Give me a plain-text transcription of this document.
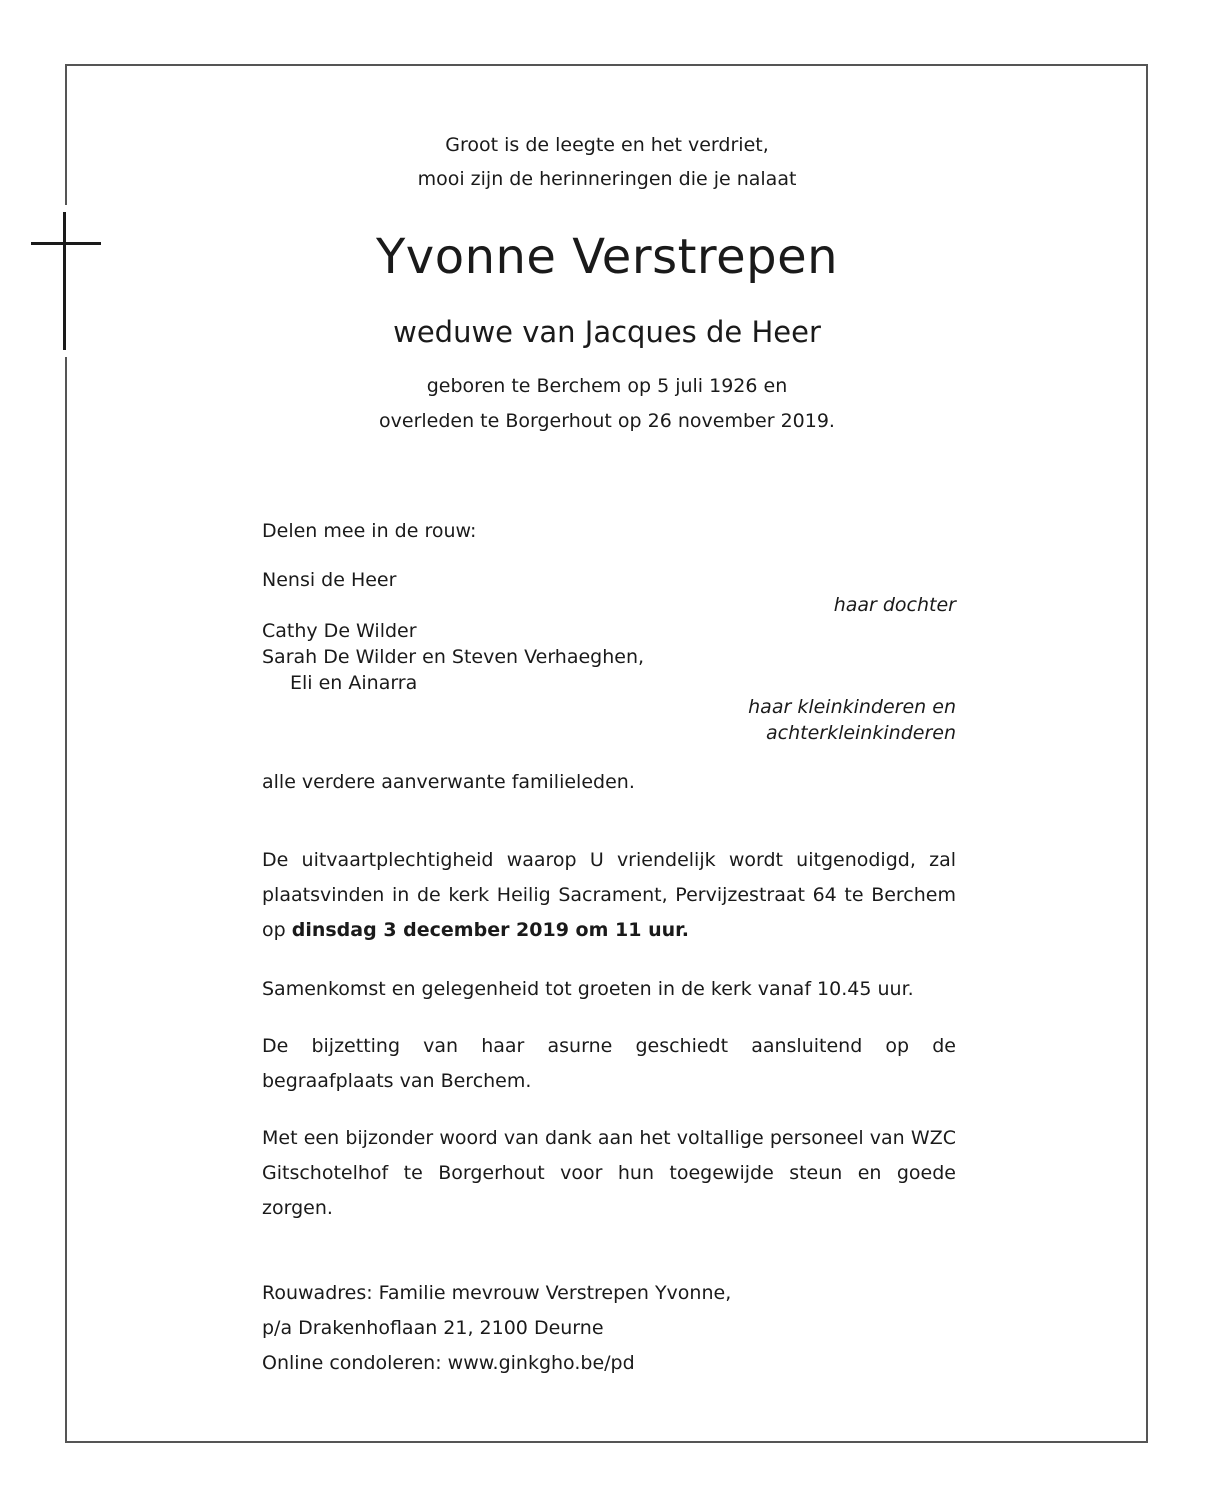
Groot is de leegte en het verdriet,
mooi zijn de herinneringen die je nalaat
Yvonne Verstrepen
weduwe van Jacques de Heer
geboren te Berchem op 5 juli 1926 en
overleden te Borgerhout op 26 november 2019.
Delen mee in de rouw:
Nensi de Heer
haar dochter
Cathy De Wilder
Sarah De Wilder en Steven Verhaeghen,
Eli en Ainarra
haar kleinkinderen en
achterkleinkinderen
alle verdere aanverwante familieleden.
De uitvaartplechtigheid waarop U vriendelijk wordt uitgenodigd, zal plaatsvinden in de kerk Heilig Sacrament, Pervijzestraat 64 te Berchem op dinsdag 3 december 2019 om 11 uur.
Samenkomst en gelegenheid tot groeten in de kerk vanaf 10.45 uur.
De bijzetting van haar asurne geschiedt aansluitend op de begraafplaats van Berchem.
Met een bijzonder woord van dank aan het voltallige personeel van WZC Gitschotelhof te Borgerhout voor hun toegewijde steun en goede zorgen.
Rouwadres: Familie mevrouw Verstrepen Yvonne,
p/a Drakenhoflaan 21, 2100 Deurne
Online condoleren: www.ginkgho.be/pd
